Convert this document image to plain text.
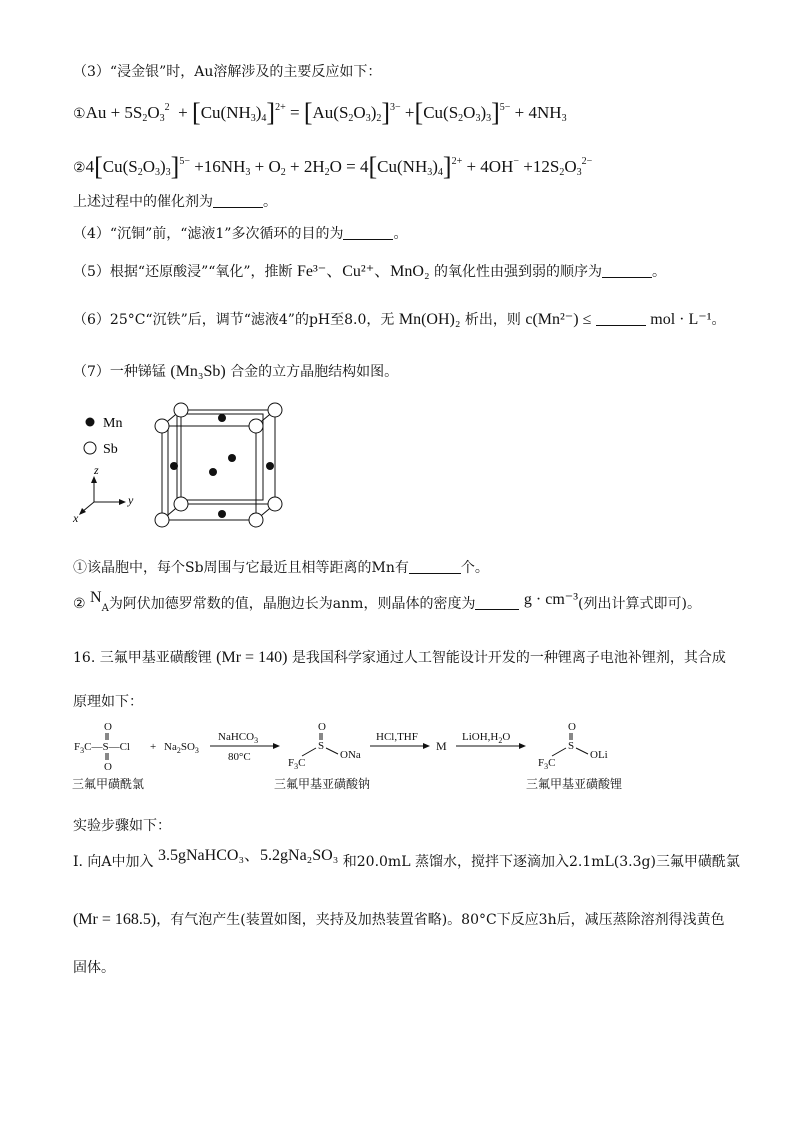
（3）“浸金银”时，Au溶解涉及的主要反应如下：
①Au + $5S_2O_3^2 + [Cu(NH_3)_4]^{2+} = [Au(S_2O_3)_2]^{3-} +[Cu(S_2O_3)_3]^{5-} + 4NH_3$
$②4[Cu(S_2O_3)_3]^{5-} +16NH_3 + O_2 + 2H_2O = 4[Cu(NH_3)_4]^{2+} + 4OH^- +12S_2O_3^{2-}$
上述过程中的催化剂为	。
（4）“沉铜”前，“滤液1”多次循环的目的为	。
（5）根据“还原酸浸”“氧化”，推断 Fe³⁻、Cu²⁺、MnO₂ 的氧化性由强到弱的顺序为	。
（6）25°C“沉铁”后，调节“滤液4”的pH至8.0，无 Mn(OH)₂ 析出，则 c(Mn²⁻) ≤	mol · L⁻¹。
（7）一种锑锰 (Mn₃Sb) 合金的立方晶胞结构如图。
Mn
Sb
z
y
x
①该晶胞中，每个Sb周围与它最近且相等距离的Mn有	个。
② $N_A$为阿伏加德罗常数的值，晶胞边长为anm，则晶体的密度为	g · cm⁻³(列出计算式即可)。
16. 三氟甲基亚磺酸锂 (Mr = 140) 是我国科学家通过人工智能设计开发的一种锂离子电池补锂剂，其合成
原理如下：
$F_3C—S—Cl$
O
O
+ $Na_2SO_3$
NaHCO$_3$
80°C
O
S
$F_3C$
ONa
HCl,THF
M
$LiOH,H_2O$
O
S
$F_3C$
OLi
三氟甲磺酰氯	三氟甲基亚磺酸钠	三氟甲基亚磺酸锂
实验步骤如下：
I. 向A中加入 3.5gNaHCO₃、5.2gNa₂SO₃ 和20.0mL 蒸馏水，搅拌下逐滴加入2.1mL(3.3g)三氟甲磺酰氯
(Mr = 168.5)，有气泡产生(装置如图，夹持及加热装置省略)。80°C下反应3h后，减压蒸除溶剂得浅黄色
固体。
